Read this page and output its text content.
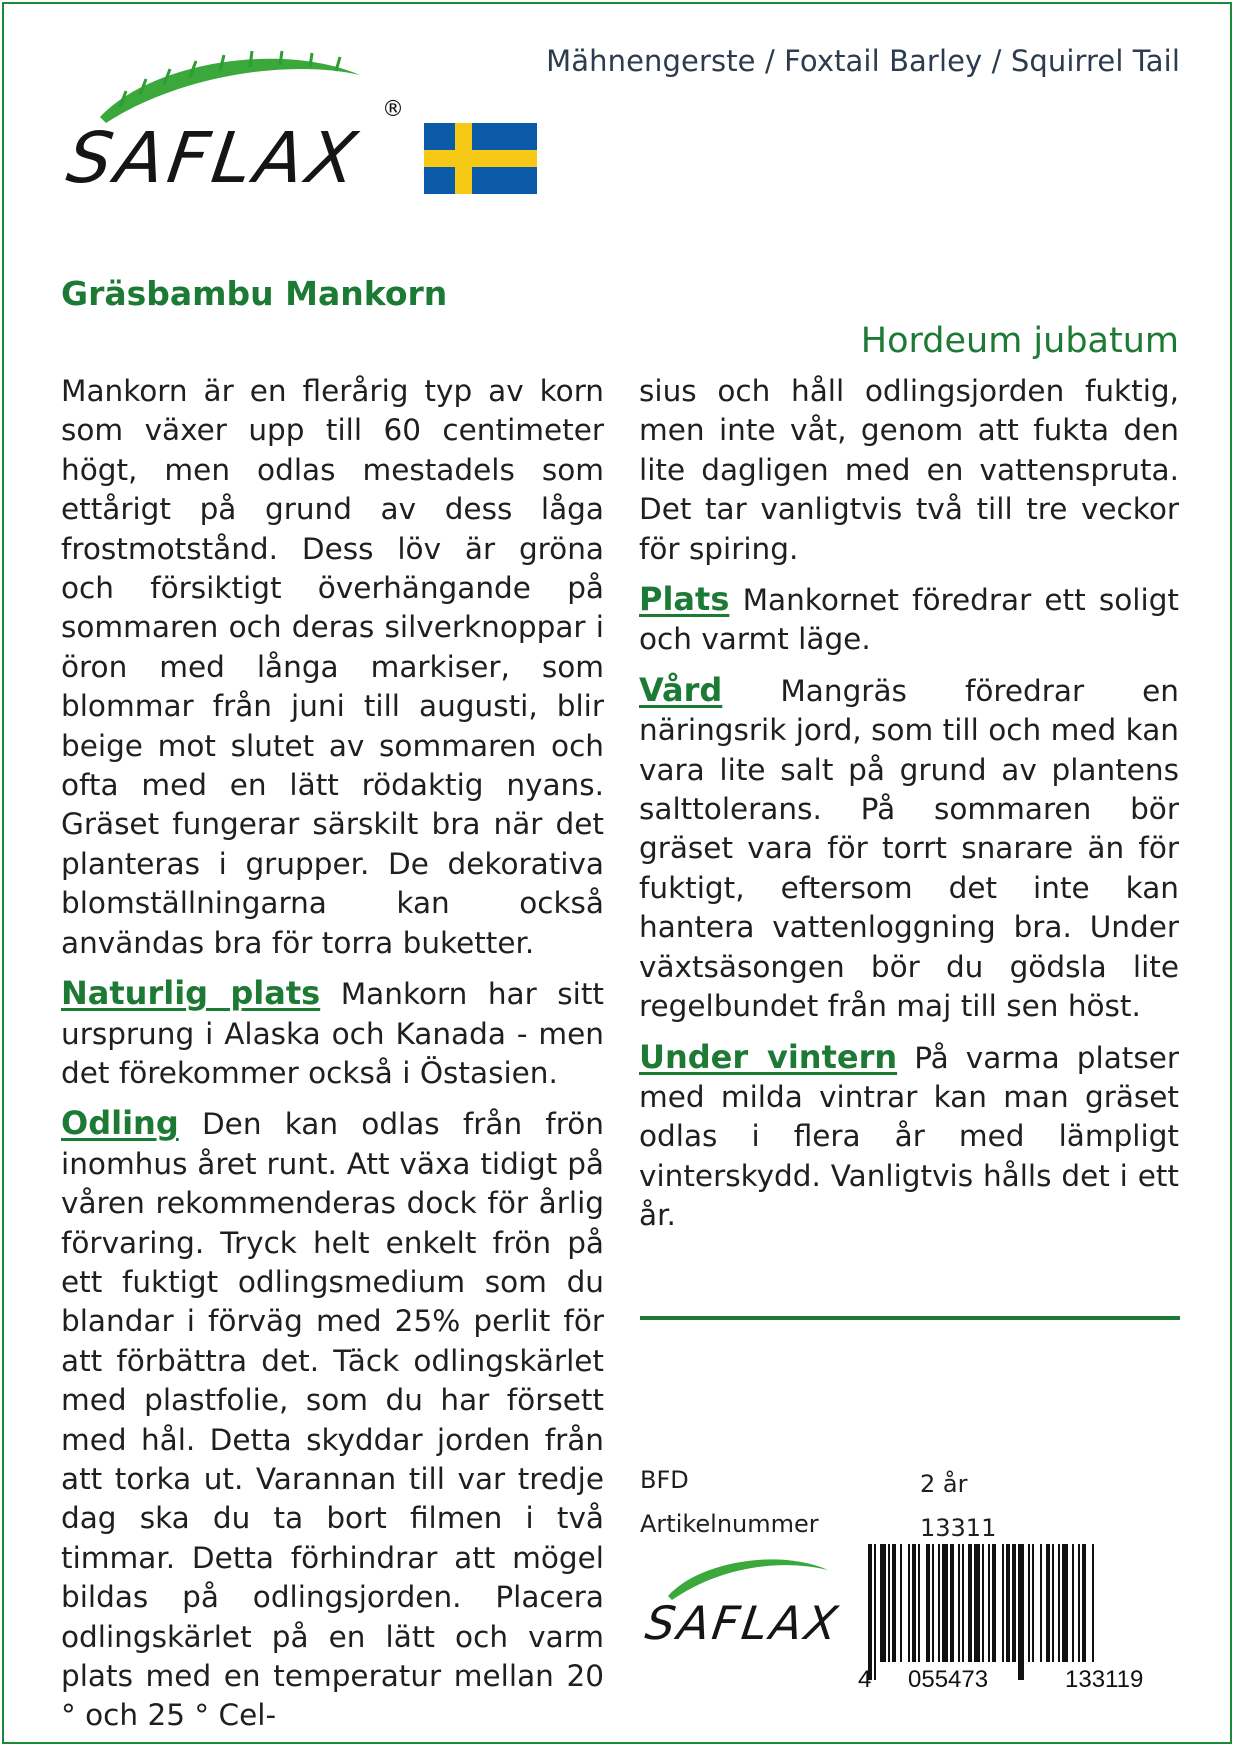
SAFLAX
®
Mähnengerste / Foxtail Barley / Squirrel Tail
Gräsbambu Mankorn
Hordeum jubatum

Mankorn är en flerårig typ av korn som växer upp till 60 centimeter högt, men odlas mestadels som ettårigt på grund av dess låga frostmotstånd. Dess löv är gröna och försiktigt överhängande på sommaren och deras silverknoppar i öron med långa markiser, som blommar från juni till augusti, blir beige mot slutet av sommaren och ofta med en lätt rödaktig nyans. Gräset fungerar särskilt bra när det planteras i grupper. De dekorativa blomställningarna kan också användas bra för torra buketter.

Naturlig plats Mankorn har sitt ursprung i Alaska och Kanada - men det förekommer också i Östasien.

Odling Den kan odlas från frön inomhus året runt. Att växa tidigt på våren rekommenderas dock för årlig förvaring. Tryck helt enkelt frön på ett fuktigt odlingsmedium som du blandar i förväg med 25% perlit för att förbättra det. Täck odlingskärlet med plastfolie, som du har försett med hål. Detta skyddar jorden från att torka ut. Varannan till var tredje dag ska du ta bort filmen i två timmar. Detta förhindrar att mögel bildas på odlingsjorden. Placera odlingskärlet på en lätt och varm plats med en temperatur mellan 20 ° och 25 ° Cel-

sius och håll odlingsjorden fuktig, men inte våt, genom att fukta den lite dagligen med en vattenspruta. Det tar vanligtvis två till tre veckor för spiring.

Plats Mankornet föredrar ett soligt och varmt läge.

Vård Mangräs föredrar en näringsrik jord, som till och med kan vara lite salt på grund av plantens salttolerans. På sommaren bör gräset vara för torrt snarare än för fuktigt, eftersom det inte kan hantera vattenloggning bra. Under växtsäsongen bör du gödsla lite regelbundet från maj till sen höst.

Under vintern På varma platser med milda vintrar kan man gräset odlas i flera år med lämpligt vinterskydd. Vanligtvis hålls det i ett år.

BFD	2 år
Artikelnummer	13311
SAFLAX
4 055473	133119
